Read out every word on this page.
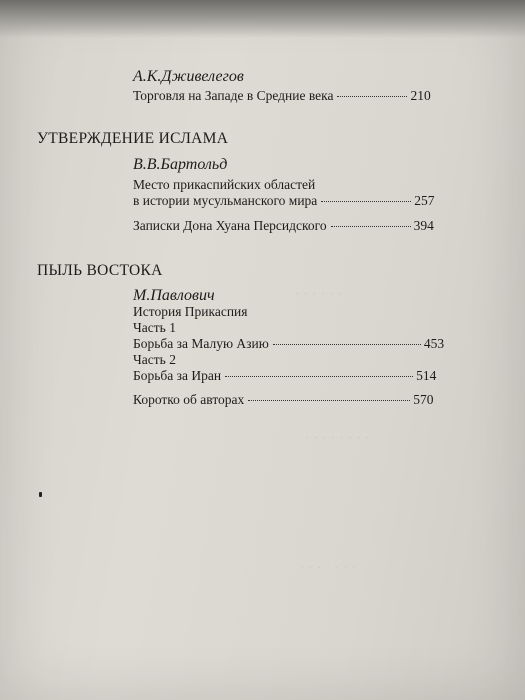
· · · · · ·
· · · · · · · ·
· · · · · · ·
А.К.Дживелегов
Торговля на Западе в Средние века	210
УТВЕРЖДЕНИЕ ИСЛАМА
В.В.Бартольд
Место прикаспийских областей
в истории мусульманского мира	257
Записки Дона Хуана Персидского	394
ПЫЛЬ ВОСТОКА
М.Павлович
История Прикаспия
Часть 1
Борьба за Малую Азию	453
Часть 2
Борьба за Иран	514
Коротко об авторах	570
